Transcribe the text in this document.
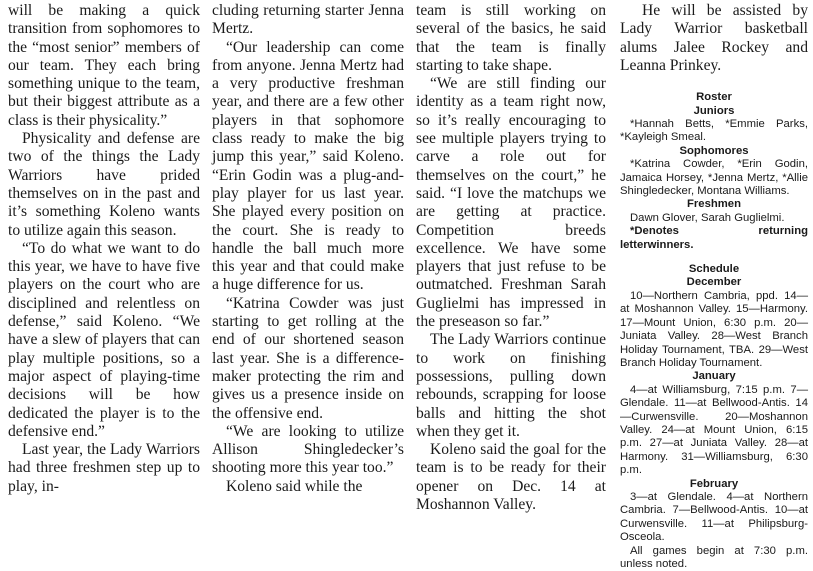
will be making a quick transition from sophomores to the “most senior” members of our team. They each bring something unique to the team, but their biggest attribute as a class is their physicality.”

Physicality and defense are two of the things the Lady Warriors have prided themselves on in the past and it’s something Koleno wants to utilize again this season.

“To do what we want to do this year, we have to have five players on the court who are disciplined and relentless on defense,” said Koleno. “We have a slew of players that can play multiple positions, so a major aspect of playing-time decisions will be how dedicated the player is to the defensive end.”

Last year, the Lady Warriors had three freshmen step up to play, in-

cluding returning starter Jenna Mertz.

“Our leadership can come from anyone. Jenna Mertz had a very productive freshman year, and there are a few other players in that sophomore class ready to make the big jump this year,” said Koleno. “Erin Godin was a plug-and-play player for us last year. She played every position on the court. She is ready to handle the ball much more this year and that could make a huge difference for us.

“Katrina Cowder was just starting to get rolling at the end of our shortened season last year. She is a difference-maker protecting the rim and gives us a presence inside on the offensive end.

“We are looking to utilize Allison Shingledecker’s shooting more this year too.”

Koleno said while the

team is still working on several of the basics, he said that the team is finally starting to take shape.

“We are still finding our identity as a team right now, so it’s really encouraging to see multiple players trying to carve a role out for themselves on the court,” he said. “I love the matchups we are getting at practice. Competition breeds excellence. We have some players that just refuse to be outmatched. Freshman Sarah Guglielmi has impressed in the preseason so far.”

The Lady Warriors continue to work on finishing possessions, pulling down rebounds, scrapping for loose balls and hitting the shot when they get it.

Koleno said the goal for the team is to be ready for their opener on Dec. 14 at Moshannon Valley.

He will be assisted by Lady Warrior basketball alums Jalee Rockey and Leanna Prinkey.

Roster
Juniors

*Hannah Betts, *Emmie Parks, *Kayleigh Smeal.

Sophomores

*Katrina Cowder, *Erin Godin, Jamaica Horsey, *Jenna Mertz, *Allie Shingledecker, Montana Williams.

Freshmen

Dawn Glover, Sarah Guglielmi.

*Denotes returning letterwinners.

Schedule
December

10—Northern Cambria, ppd. 14—at Moshannon Valley. 15—Harmony. 17—Mount Union, 6:30 p.m. 20—Juniata Valley. 28—West Branch Holiday Tournament, TBA. 29—West Branch Holiday Tournament.

January

4—at Williamsburg, 7:15 p.m. 7—Glendale. 11—at Bellwood-Antis. 14—Curwensville. 20—Moshannon Valley. 24—at Mount Union, 6:15 p.m. 27—at Juniata Valley. 28—at Harmony. 31—Williamsburg, 6:30 p.m.

February

3—at Glendale. 4—at Northern Cambria. 7—Bellwood-Antis. 10—at Curwensville. 11—at Philipsburg-Osceola.

All games begin at 7:30 p.m. unless noted.
